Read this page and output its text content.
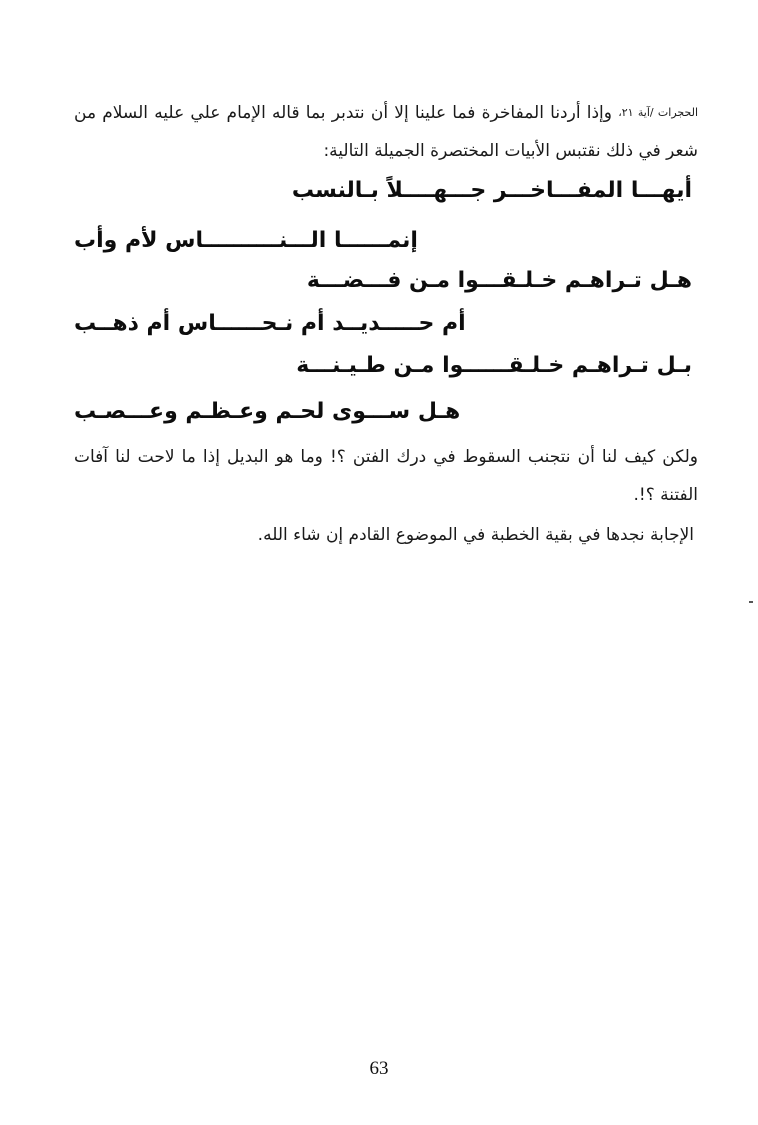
الحجرات /آية ٢١، وإذا أردنا المفاخرة فما علينا إلا أن نتدبر بما قاله الإمام علي عليه السلام من شعر في ذلك نقتبس الأبيات المختصرة الجميلة التالية:
أيهـــا المفـــاخـــر جـــهــــلاً بـالنسب
إنمــــــا الـــنــــــــــاس لأم وأب
هـل تـراهـم خـلـقـــوا مـن فـــضـــة
أم حـــــديــد أم نـحــــــاس أم ذهــب
بـل تـراهـم خـلـقــــــوا مـن طـيـنـــة
هـل ســـوى لحـم وعـظـم وعـــصـب
ولكن كيف لنا أن نتجنب السقوط في درك الفتن ؟! وما هو البديل إذا ما لاحت لنا آفات الفتنة ؟!.
الإجابة نجدها في بقية الخطبة في الموضوع القادم إن شاء الله.
63
